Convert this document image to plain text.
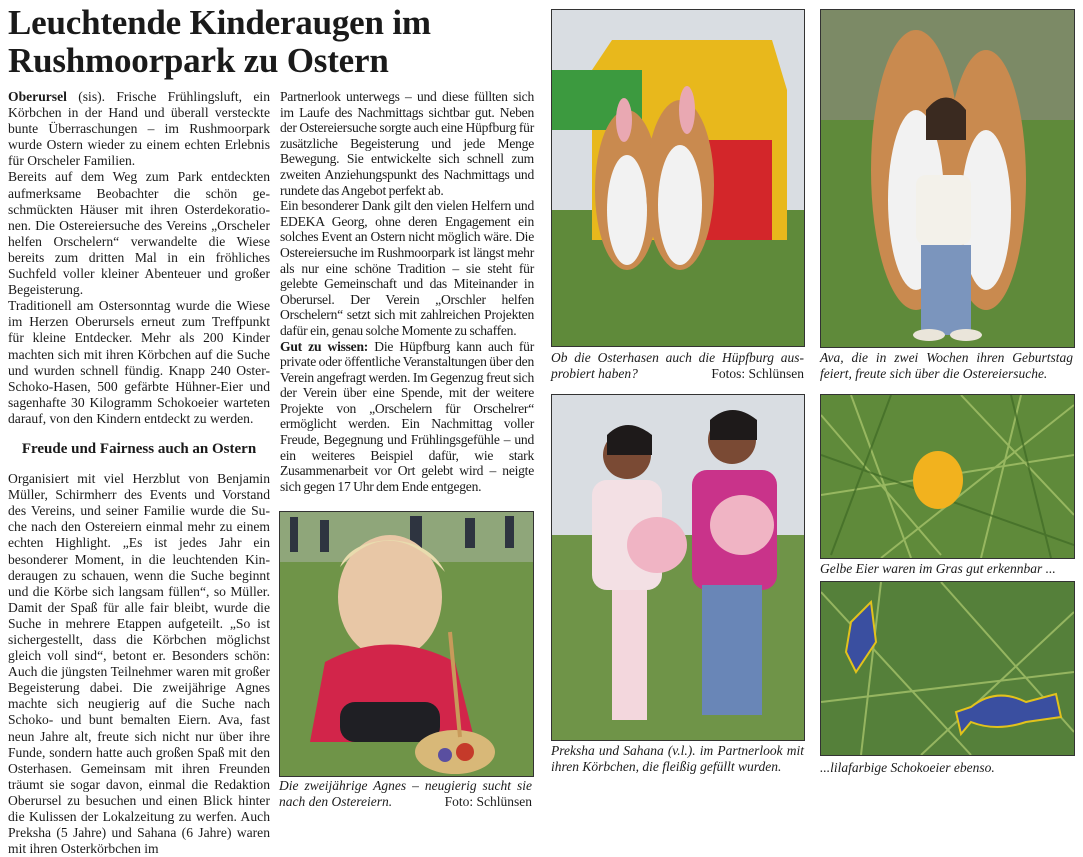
Leuchtende Kinderaugen im Rushmoorpark zu Ostern

Oberursel (sis). Frische Frühlingsluft, ein Körbchen in der Hand und überall versteckte bunte Überraschungen – im Rushmoorpark wurde Ostern wieder zu einem echten Erlebnis für Orscheler Familien.

Bereits auf dem Weg zum Park entdeckten aufmerksame Beobachter die schön geschmückten Häuser mit ihren Osterdekorationen. Die Ostereiersuche des Vereins „Orscheler helfen Orschelern“ verwandelte die Wiese bereits zum dritten Mal in ein fröhliches Suchfeld voller kleiner Abenteuer und großer Begeisterung.

Traditionell am Ostersonntag wurde die Wiese im Herzen Oberursels erneut zum Treffpunkt für kleine Entdecker. Mehr als 200 Kinder machten sich mit ihren Körbchen auf die Suche und wurden schnell fündig. Knapp 240 Oster-Schoko-Hasen, 500 gefärbte Hühner-Eier und sagenhafte 30 Kilogramm Schokoeier warteten darauf, von den Kindern entdeckt zu werden.

Freude und Fairness auch an Ostern

Organisiert mit viel Herzblut von Benjamin Müller, Schirmherr des Events und Vorstand des Vereins, und seiner Familie wurde die Suche nach den Ostereiern einmal mehr zu einem echten Highlight. „Es ist jedes Jahr ein besonderer Moment, in die leuchtenden Kinderaugen zu schauen, wenn die Suche beginnt und die Körbe sich langsam füllen“, so Müller. Damit der Spaß für alle fair bleibt, wurde die Suche in mehrere Etappen aufgeteilt. „So ist sichergestellt, dass die Körbchen möglichst gleich voll sind“, betont er. Besonders schön: Auch die jüngsten Teilnehmer waren mit großer Begeisterung dabei. Die zweijährige Agnes machte sich neugierig auf die Suche nach Schoko- und bunt bemalten Eiern. Ava, fast neun Jahre alt, freute sich nicht nur über ihre Funde, sondern hatte auch großen Spaß mit den Osterhasen. Gemeinsam mit ihren Freunden träumt sie sogar davon, einmal die Redaktion Oberursel zu besuchen und einen Blick hinter die Kulissen der Lokalzeitung zu werfen. Auch Preksha (5 Jahre) und Sahana (6 Jahre) waren mit ihren Osterkörbchen im

Partnerlook unterwegs – und diese füllten sich im Laufe des Nachmittags sichtbar gut. Neben der Ostereiersuche sorgte auch eine Hüpfburg für zusätzliche Begeisterung und jede Menge Bewegung. Sie entwickelte sich schnell zum zweiten Anziehungspunkt des Nachmittags und rundete das Angebot perfekt ab.

Ein besonderer Dank gilt den vielen Helfern und EDEKA Georg, ohne deren Engagement ein solches Event an Ostern nicht möglich wäre. Die Ostereiersuche im Rushmoorpark ist längst mehr als nur eine schöne Tradition – sie steht für gelebte Gemeinschaft und das Miteinander in Oberursel. Der Verein „Orschler helfen Orschelern“ setzt sich mit zahlreichen Projekten dafür ein, genau solche Momente zu schaffen.

Gut zu wissen: Die Hüpfburg kann auch für private oder öffentliche Veranstaltungen über den Verein angefragt werden. Im Gegenzug freut sich der Verein über eine Spende, mit der weitere Projekte von „Orschelern für Orschelrer“ ermöglicht werden. Ein Nachmittag voller Freude, Begegnung und Frühlingsgefühle – und ein weiteres Beispiel dafür, wie stark Zusammenarbeit vor Ort gelebt wird – neigte sich gegen 17 Uhr dem Ende entgegen.

Die zweijährige Agnes – neugierig sucht sie nach den Ostereiern.	Foto: Schlünsen

Ob die Osterhasen auch die Hüpfburg ausprobiert haben?	Fotos: Schlünsen

Ava, die in zwei Wochen ihren Geburtstag feiert, freute sich über die Ostereiersuche.

Preksha und Sahana (v.l.). im Partnerlook mit ihren Körbchen, die fleißig gefüllt wurden.

Gelbe Eier waren im Gras gut erkennbar ...

...lilafarbige Schokoeier ebenso.
